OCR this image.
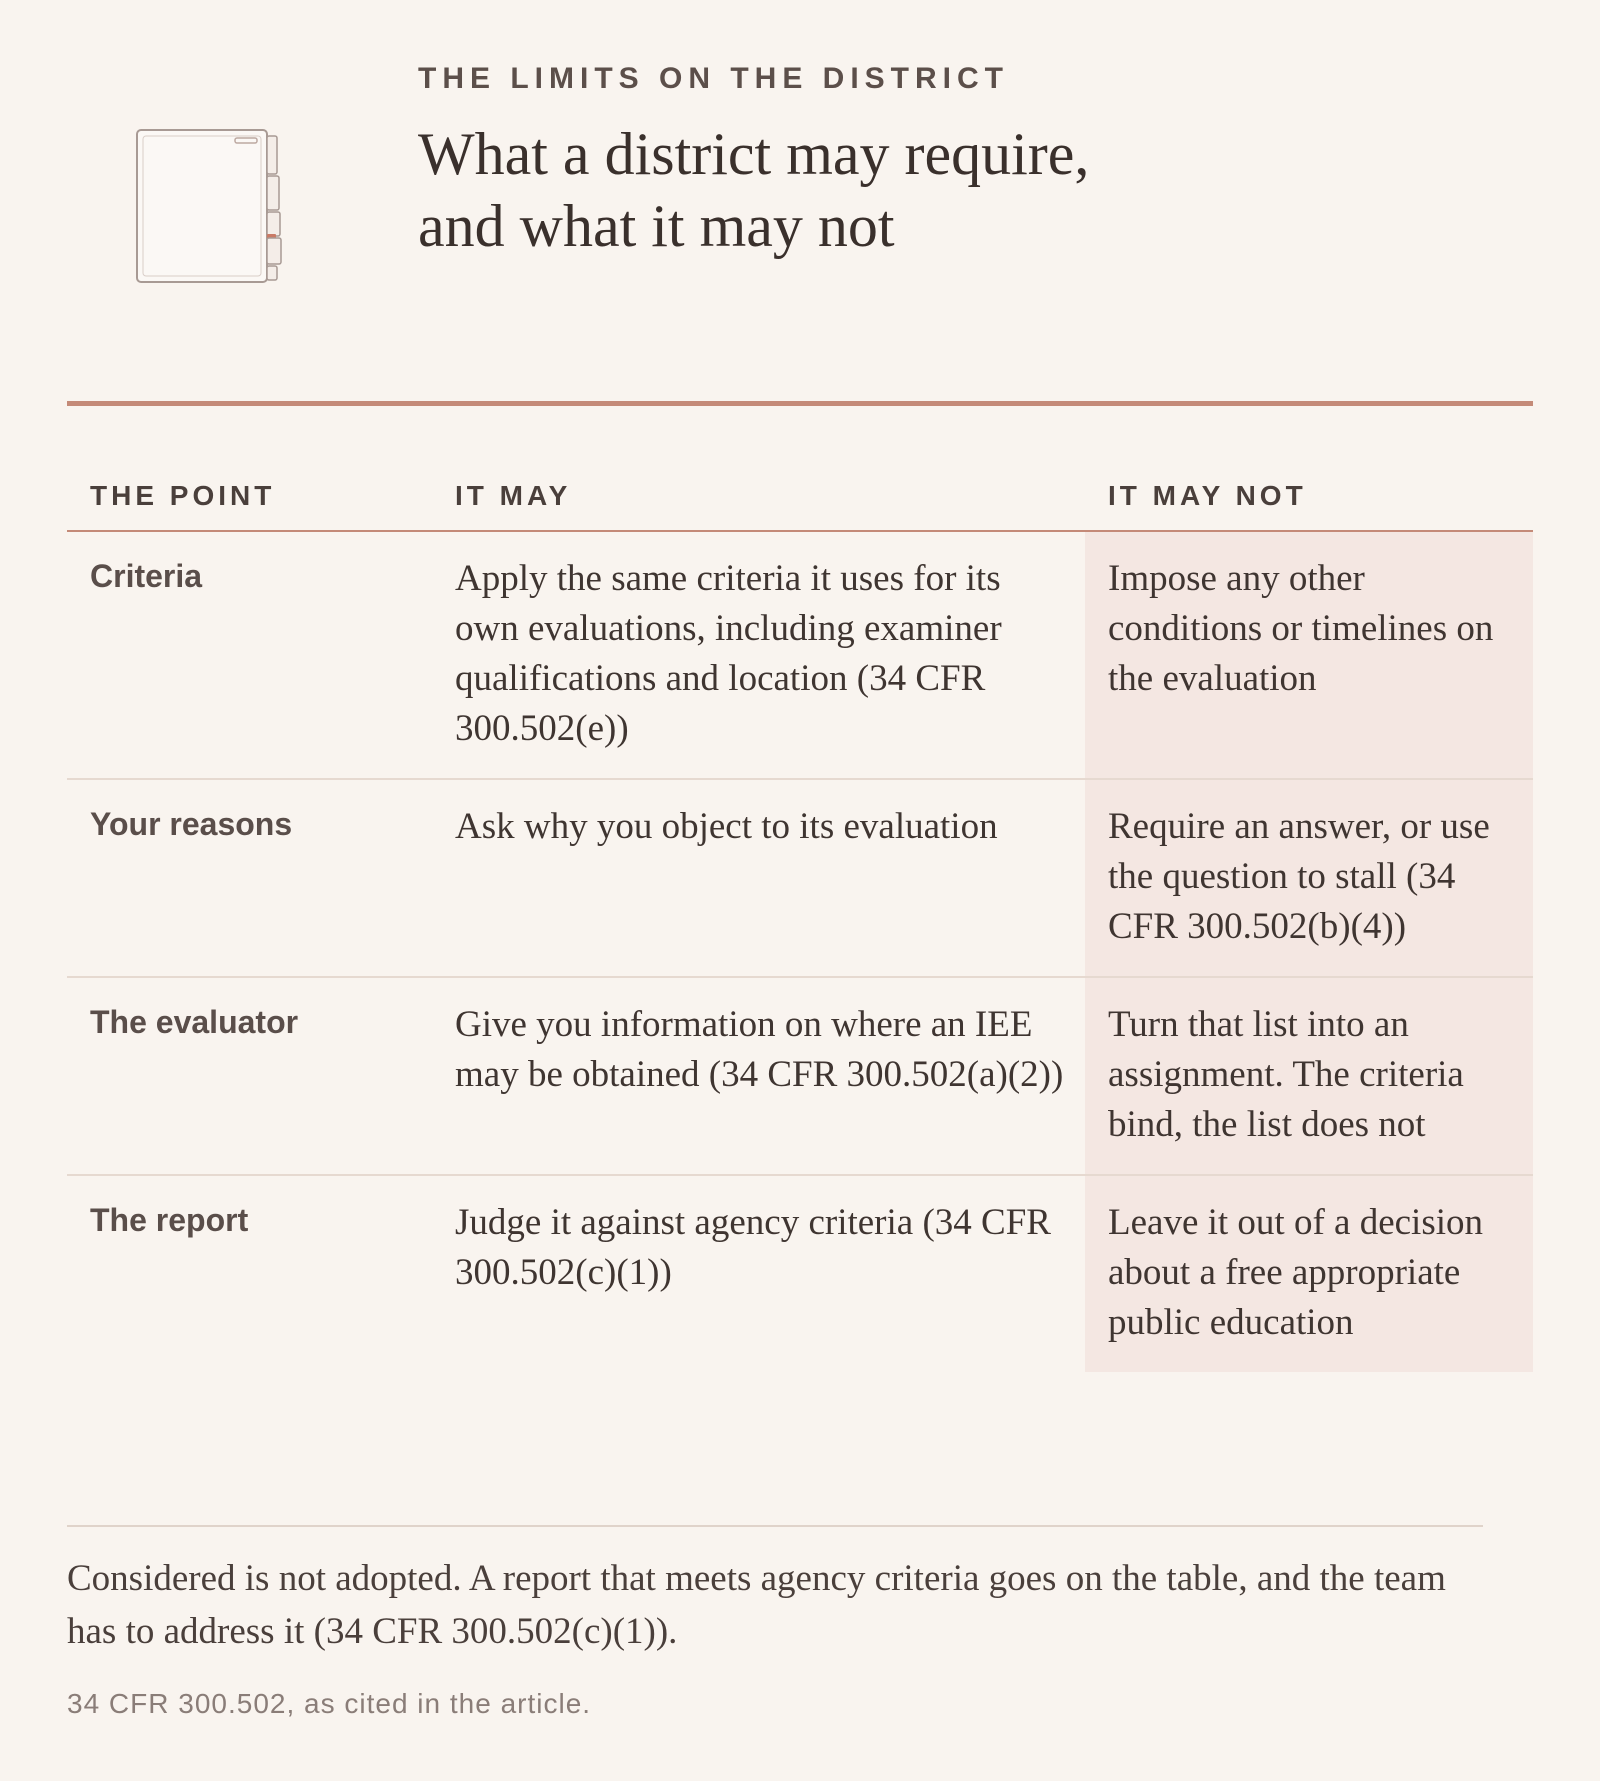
THE LIMITS ON THE DISTRICT
What a district may require,
and what it may not
THE POINT	IT MAY	IT MAY NOT
Criteria	Apply the same criteria it uses for its own evaluations, including examiner qualifications and location (34 CFR 300.502(e))	Impose any other conditions or timelines on the evaluation
Your reasons	Ask why you object to its evaluation	Require an answer, or use the question to stall (34 CFR 300.502(b)(4))
The evaluator	Give you information on where an IEE may be obtained (34 CFR 300.502(a)(2))	Turn that list into an assignment. The criteria bind, the list does not
The report	Judge it against agency criteria (34 CFR 300.502(c)(1))	Leave it out of a decision about a free appropriate public education
Considered is not adopted. A report that meets agency criteria goes on the table, and the team has to address it (34 CFR 300.502(c)(1)).
34 CFR 300.502, as cited in the article.
